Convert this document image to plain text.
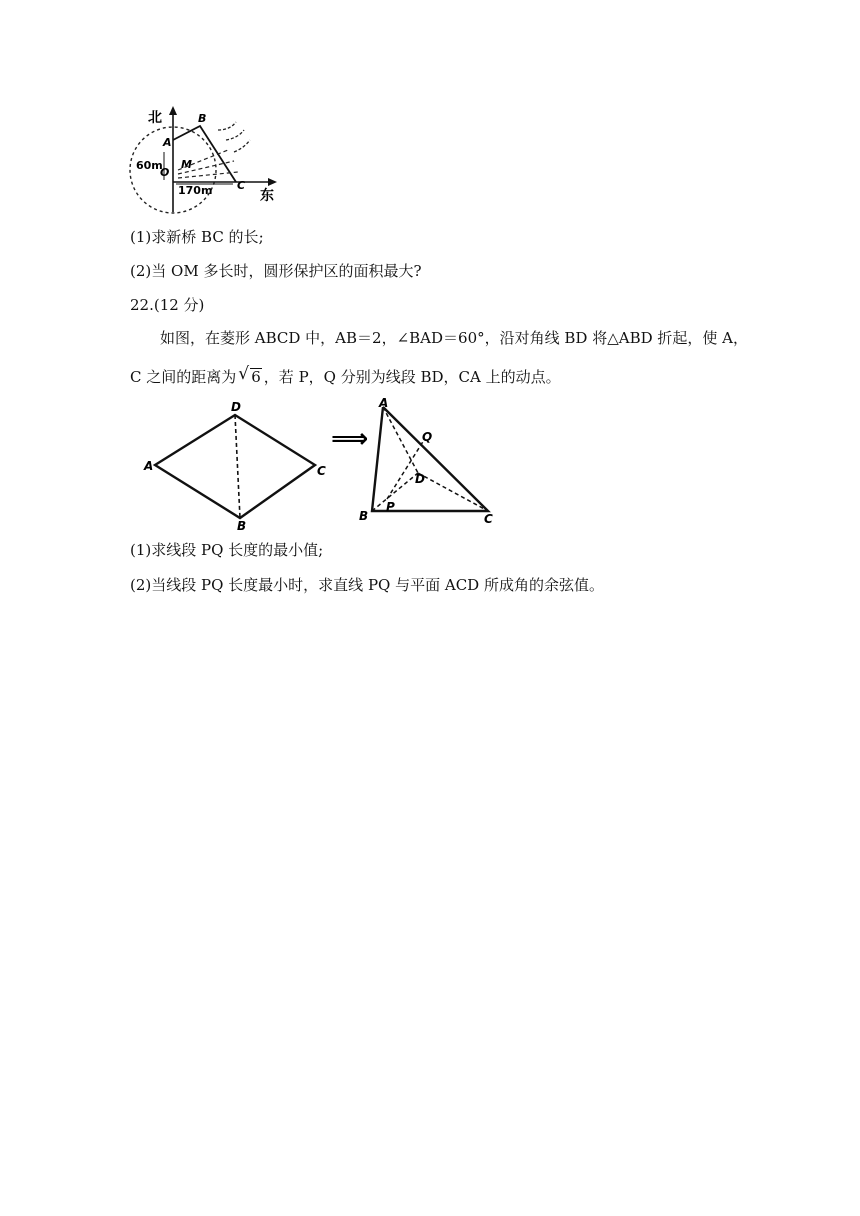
北
东
B
A
M
O
C
60m
170m
(1)求新桥 BC 的长;
(2)当 OM 多长时，圆形保护区的面积最大?
22.(12 分)
如图，在菱形 ABCD 中，AB＝2，∠BAD＝60°，沿对角线 BD 将△ABD 折起，使 A，
C 之间的距离为 √ 6 ，若 P，Q 分别为线段 BD，CA 上的动点。
A
D
C
B
⟹
A
Q
D
B
P
C
(1)求线段 PQ 长度的最小值;
(2)当线段 PQ 长度最小时，求直线 PQ 与平面 ACD 所成角的余弦值。
